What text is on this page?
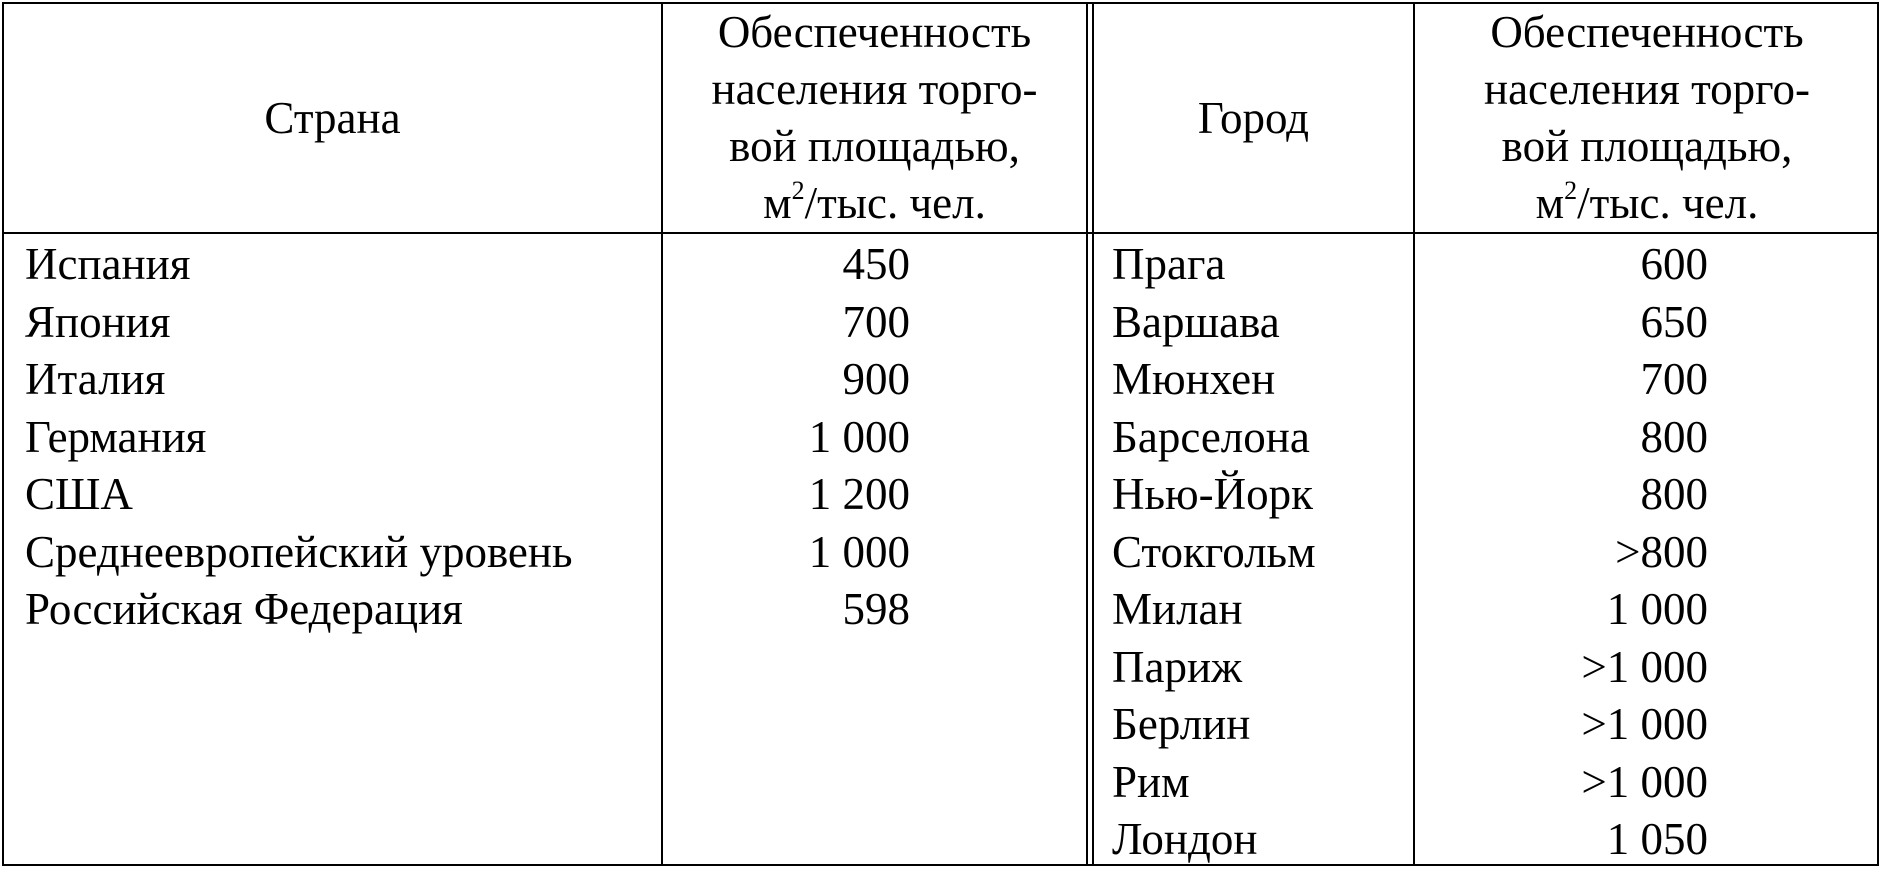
Страна
Обеспеченность
населения торго-
вой площадью,
$м^2$/тыс. чел.
Город
Обеспеченность
населения торго-
вой площадью,
$м^2$/тыс. чел.
Испания
Япония
Италия
Германия
США
Среднеевропейский уровень
Российская Федерация
450
700
900
1 000
1 200
1 000
598
Прага
Варшава
Мюнхен
Барселона
Нью-Йорк
Стокгольм
Милан
Париж
Берлин
Рим
Лондон
600
650
700
800
800
>800
1 000
>1 000
>1 000
>1 000
1 050
